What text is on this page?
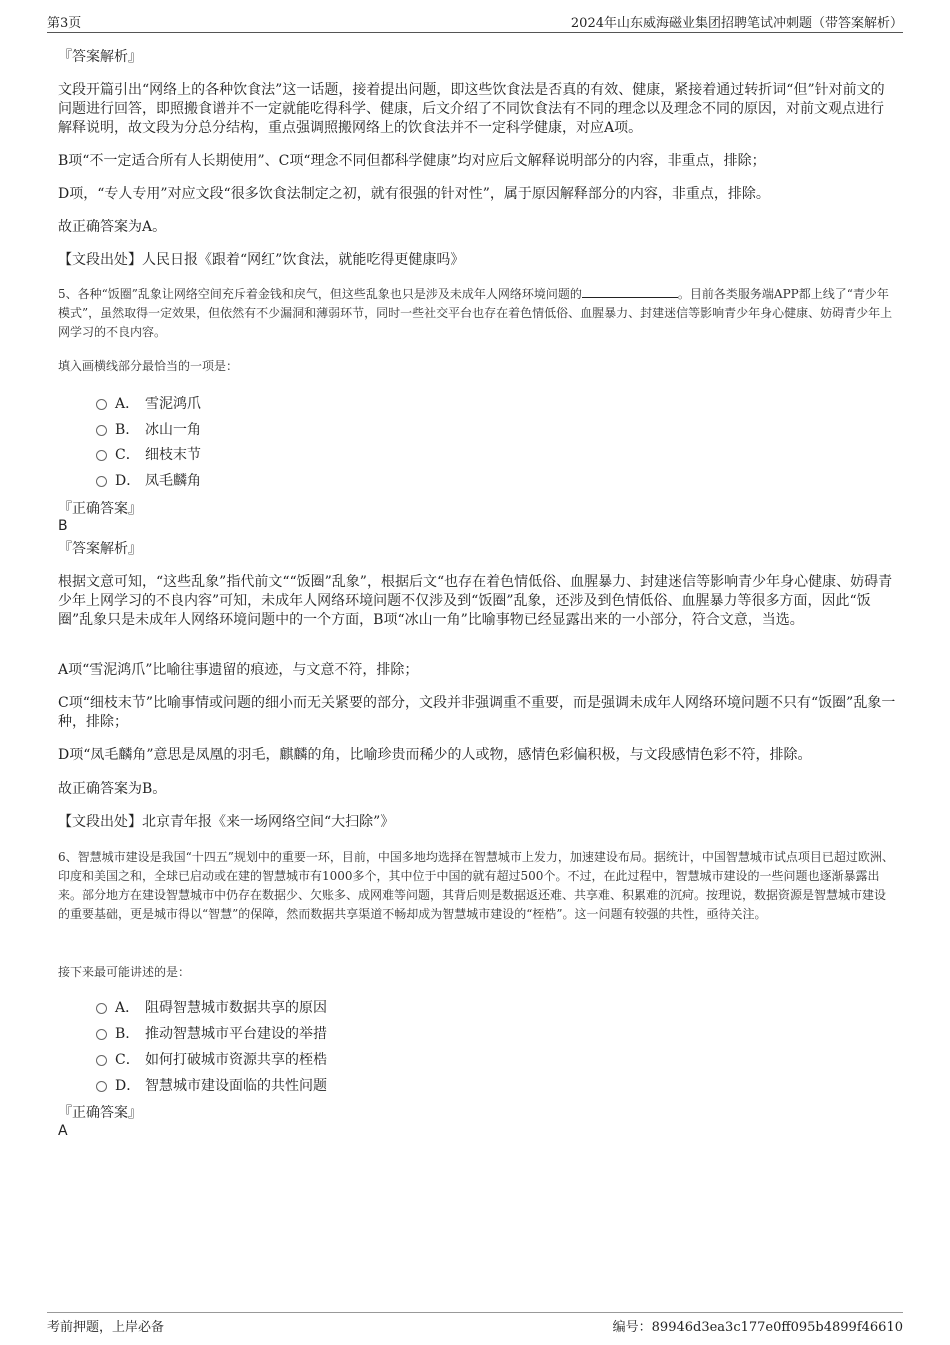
第3页	2024年山东威海磁业集团招聘笔试冲刺题（带答案解析）
『答案解析』
文段开篇引出“网络上的各种饮食法”这一话题，接着提出问题，即这些饮食法是否真的有效、健康，紧接着通过转折词“但”针对前文的问题进行回答，即照搬食谱并不一定就能吃得科学、健康，后文介绍了不同饮食法有不同的理念以及理念不同的原因，对前文观点进行解释说明，故文段为分总分结构，重点强调照搬网络上的饮食法并不一定科学健康，对应A项。
B项“不一定适合所有人长期使用”、C项“理念不同但都科学健康”均对应后文解释说明部分的内容，非重点，排除；
D项，“专人专用”对应文段“很多饮食法制定之初，就有很强的针对性”，属于原因解释部分的内容，非重点，排除。
故正确答案为A。
【文段出处】人民日报《跟着“网红”饮食法，就能吃得更健康吗》
5、各种“饭圈”乱象让网络空间充斥着金钱和戾气，但这些乱象也只是涉及未成年人网络环境问题的	。目前各类服务端APP都上线了“青少年模式”，虽然取得一定效果，但依然有不少漏洞和薄弱环节，同时一些社交平台也存在着色情低俗、血腥暴力、封建迷信等影响青少年身心健康、妨碍青少年上网学习的不良内容。
填入画横线部分最恰当的一项是：
A． 雪泥鸿爪
B. 冰山一角
C． 细枝末节
D． 凤毛麟角
『正确答案』
B
『答案解析』
根据文意可知，“这些乱象”指代前文““饭圈”乱象”，根据后文“也存在着色情低俗、血腥暴力、封建迷信等影响青少年身心健康、妨碍青少年上网学习的不良内容”可知，未成年人网络环境问题不仅涉及到“饭圈”乱象，还涉及到色情低俗、血腥暴力等很多方面，因此“饭圈”乱象只是未成年人网络环境问题中的一个方面，B项“冰山一角”比喻事物已经显露出来的一小部分，符合文意，当选。
A项“雪泥鸿爪”比喻往事遗留的痕迹，与文意不符，排除；
C项“细枝末节”比喻事情或问题的细小而无关紧要的部分，文段并非强调重不重要，而是强调未成年人网络环境问题不只有“饭圈”乱象一种，排除；
D项“凤毛麟角”意思是凤凰的羽毛，麒麟的角，比喻珍贵而稀少的人或物，感情色彩偏积极，与文段感情色彩不符，排除。
故正确答案为B。
【文段出处】北京青年报《来一场网络空间“大扫除”》
6、智慧城市建设是我国“十四五”规划中的重要一环，目前，中国多地均选择在智慧城市上发力，加速建设布局。据统计，中国智慧城市试点项目已超过欧洲、印度和美国之和，全球已启动或在建的智慧城市有1000多个，其中位于中国的就有超过500个。不过，在此过程中，智慧城市建设的一些问题也逐渐暴露出来。部分地方在建设智慧城市中仍存在数据少、欠账多、成网难等问题，其背后则是数据返还难、共享难、积累难的沉疴。按理说，数据资源是智慧城市建设的重要基础，更是城市得以“智慧”的保障，然而数据共享渠道不畅却成为智慧城市建设的“桎梏”。这一问题有较强的共性，亟待关注。
接下来最可能讲述的是：
A． 阻碍智慧城市数据共享的原因
B. 推动智慧城市平台建设的举措
C． 如何打破城市资源共享的桎梏
D． 智慧城市建设面临的共性问题
『正确答案』
A
考前押题，上岸必备	编号：89946d3ea3c177e0ff095b4899f46610
